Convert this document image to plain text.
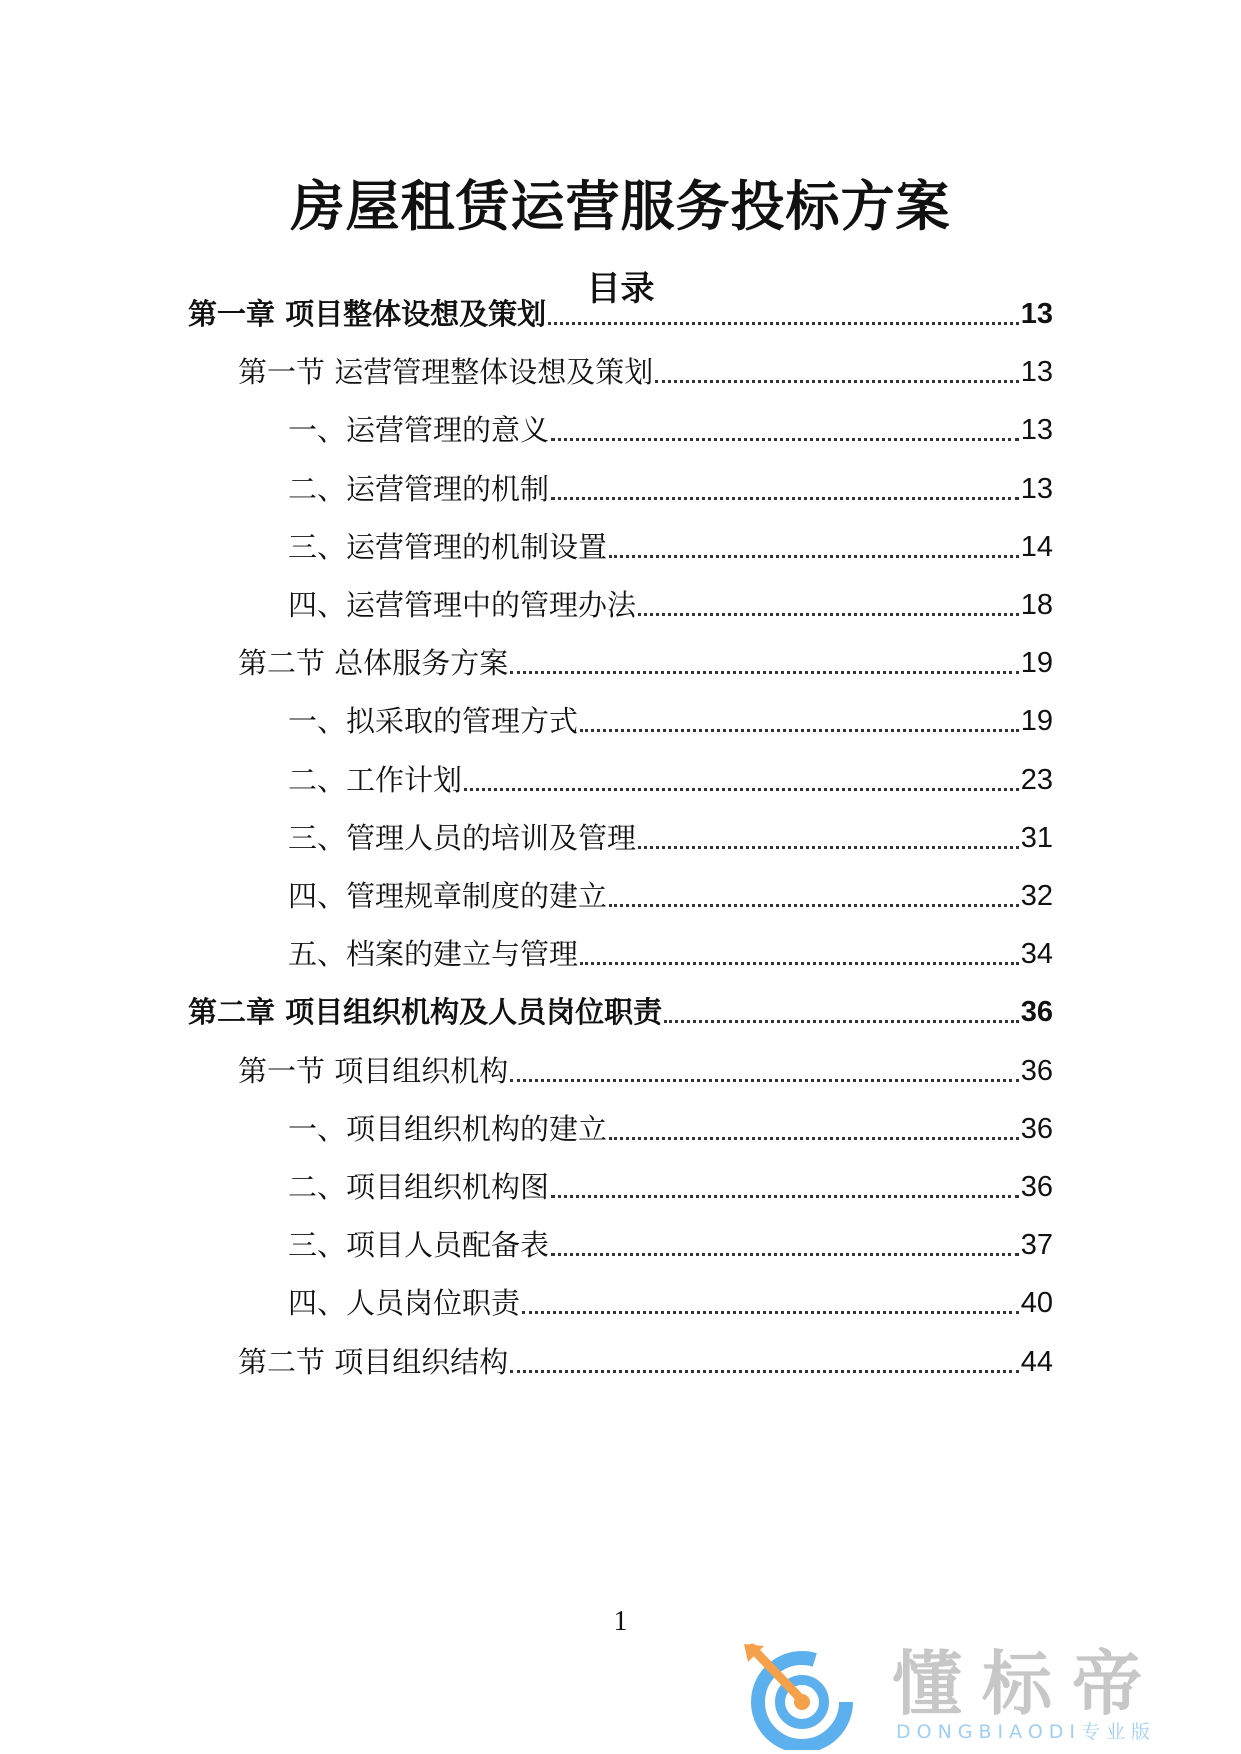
房屋租赁运营服务投标方案
目录
第一章 项目整体设想及策划	13
第一节 运营管理整体设想及策划	13
一、运营管理的意义	13
二、运营管理的机制	13
三、运营管理的机制设置	14
四、运营管理中的管理办法	18
第二节 总体服务方案	19
一、拟采取的管理方式	19
二、工作计划	23
三、管理人员的培训及管理	31
四、管理规章制度的建立	32
五、档案的建立与管理	34
第二章 项目组织机构及人员岗位职责	36
第一节 项目组织机构	36
一、项目组织机构的建立	36
二、项目组织机构图	36
三、项目人员配备表	37
四、人员岗位职责	40
第二节 项目组织结构	44
1
懂标帝
DONGBIAODI专业版
